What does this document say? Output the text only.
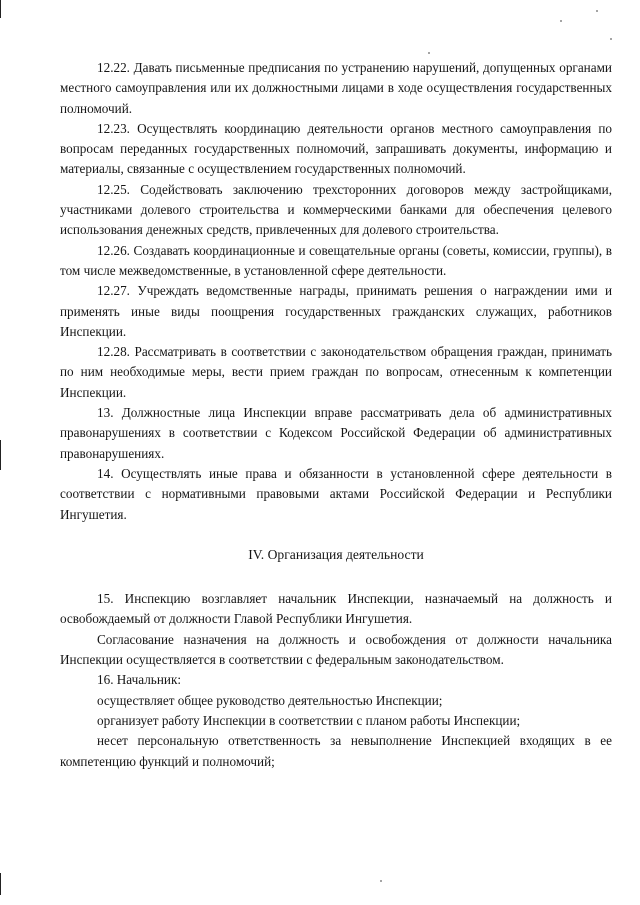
12.22. Давать письменные предписания по устранению нарушений, допущенных органами местного самоуправления или их должностными лицами в ходе осуществления государственных полномочий.

12.23. Осуществлять координацию деятельности органов местного самоуправления по вопросам переданных государственных полномочий, запрашивать документы, информацию и материалы, связанные с осуществлением государственных полномочий.

12.25. Содействовать заключению трехсторонних договоров между застройщиками, участниками долевого строительства и коммерческими банками для обеспечения целевого использования денежных средств, привлеченных для долевого строительства.

12.26. Создавать координационные и совещательные органы (советы, комиссии, группы), в том числе межведомственные, в установленной сфере деятельности.

12.27. Учреждать ведомственные награды, принимать решения о награждении ими и применять иные виды поощрения государственных гражданских служащих, работников Инспекции.

12.28. Рассматривать в соответствии с законодательством обращения граждан, принимать по ним необходимые меры, вести прием граждан по вопросам, отнесенным к компетенции Инспекции.

13. Должностные лица Инспекции вправе рассматривать дела об административных правонарушениях в соответствии с Кодексом Российской Федерации об административных правонарушениях.

14. Осуществлять иные права и обязанности в установленной сфере деятельности в соответствии с нормативными правовыми актами Российской Федерации и Республики Ингушетия.

IV. Организация деятельности

15. Инспекцию возглавляет начальник Инспекции, назначаемый на должность и освобождаемый от должности Главой Республики Ингушетия.

Согласование назначения на должность и освобождения от должности начальника Инспекции осуществляется в соответствии с федеральным законодательством.

16. Начальник:

осуществляет общее руководство деятельностью Инспекции;

организует работу Инспекции в соответствии с планом работы Инспекции;

несет персональную ответственность за невыполнение Инспекцией входящих в ее компетенцию функций и полномочий;
